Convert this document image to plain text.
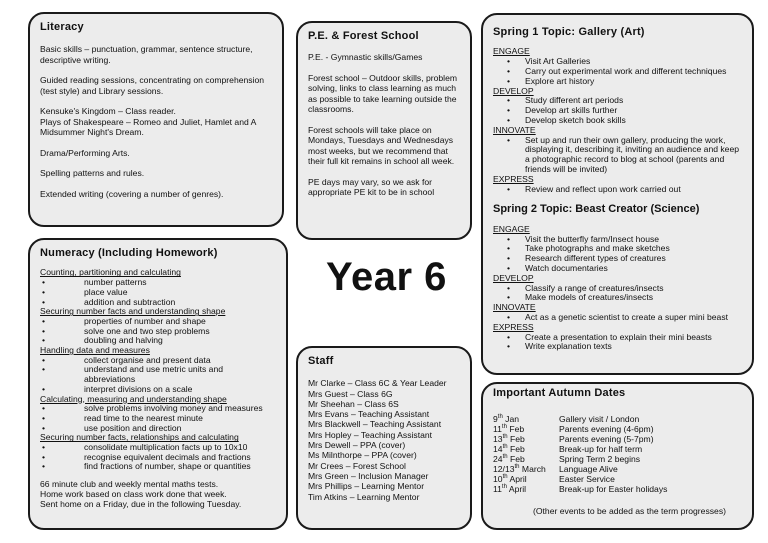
Literacy
Basic skills – punctuation, grammar, sentence structure, descriptive writing.
Guided reading sessions, concentrating on comprehension (test style) and Library sessions.
Kensuke's Kingdom – Class reader.
Plays of Shakespeare – Romeo and Juliet, Hamlet and A Midsummer Night's Dream.
Drama/Performing Arts.
Spelling patterns and rules.
Extended writing (covering a number of genres).
P.E. & Forest School
P.E. - Gymnastic skills/Games
Forest school – Outdoor skills, problem solving, links to class learning as much as possible to take learning outside the classrooms.
Forest schools will take place on Mondays, Tuesdays and Wednesdays most weeks, but we recommend that their full kit remains in school all week.
PE days may vary, so we ask for appropriate PE kit to be in school
Numeracy (Including Homework)
Counting, partitioning and calculating
•	number patterns
•	place value
•	addition and subtraction
Securing number facts and understanding shape
•	properties of number and shape
•	solve one and two step problems
•	doubling and halving
Handling data and measures
•	collect organise and present data
•	understand and use metric units and abbreviations
•	interpret divisions on a scale
Calculating, measuring and understanding shape
•	solve problems involving money and measures
•	read time to the nearest minute
•	use position and direction
Securing number facts, relationships and calculating
•	consolidate multiplication facts up to 10x10
•	recognise equivalent decimals and fractions
•	find fractions of number, shape or quantities
66 minute club and weekly mental maths tests.
Home work based on class work done that week.
Sent home on a Friday, due in the following Tuesday.
Year 6
Staff
Mr Clarke – Class 6C & Year Leader
Mrs Guest – Class 6G
Mr Sheehan – Class 6S
Mrs Evans – Teaching Assistant
Mrs Blackwell – Teaching Assistant
Mrs Hopley – Teaching Assistant
Mrs Dewell – PPA (cover)
Ms Milnthorpe – PPA (cover)
Mr Crees – Forest School
Mrs Green – Inclusion Manager
Mrs Phillips – Learning Mentor
Tim Atkins – Learning Mentor
Spring 1 Topic: Gallery (Art)
ENGAGE
•	Visit Art Galleries
•	Carry out experimental work and different techniques
•	Explore art history
DEVELOP
•	Study different art periods
•	Develop art skills further
•	Develop sketch book skills
INNOVATE
•	Set up and run their own gallery, producing the work, displaying it, describing it, inviting an audience and keep a photographic record to blog at school (parents and friends will be invited)
EXPRESS
•	Review and reflect upon work carried out
Spring 2 Topic: Beast Creator (Science)
ENGAGE
•	Visit the butterfly farm/Insect house
•	Take photographs and make sketches
•	Research different types of creatures
•	Watch documentaries
DEVELOP
•	Classify a range of creatures/insects
•	Make models of creatures/insects
INNOVATE
•	Act as a genetic scientist to create a super mini beast
EXPRESS
•	Create a presentation to explain their mini beasts
•	Write explanation texts
Important Autumn Dates
9th Jan	Gallery visit / London
11th Feb	Parents evening (4-6pm)
13th Feb	Parents evening (5-7pm)
14th Feb	Break-up for half term
24th Feb	Spring Term 2 begins
12/13th March	Language Alive
10th April	Easter Service
11th April	Break-up for Easter holidays
(Other events to be added as the term progresses)
